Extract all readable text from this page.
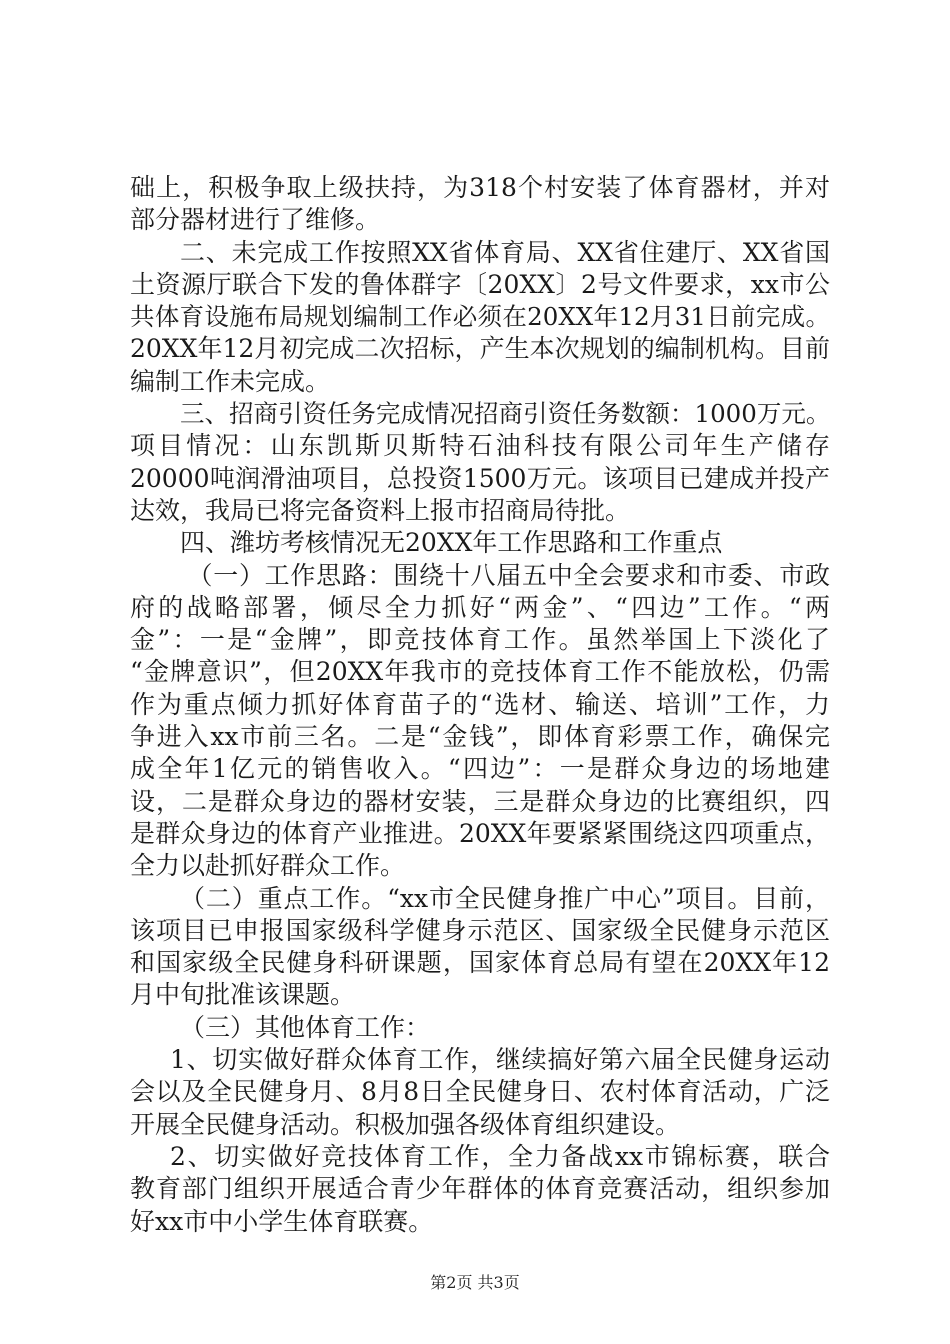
础上，积极争取上级扶持，为318个村安装了体育器材，并对
部分器材进行了维修。
二、未完成工作按照XX省体育局、XX省住建厅、XX省国
土资源厅联合下发的鲁体群字〔20XX〕2号文件要求，xx市公
共体育设施布局规划编制工作必须在20XX年12月31日前完成。
20XX年12月初完成二次招标，产生本次规划的编制机构。目前
编制工作未完成。
三、招商引资任务完成情况招商引资任务数额：1000万元。
项目情况：山东凯斯贝斯特石油科技有限公司年生产储存
20000吨润滑油项目，总投资1500万元。该项目已建成并投产
达效，我局已将完备资料上报市招商局待批。
四、潍坊考核情况无20XX年工作思路和工作重点
（一）工作思路：围绕十八届五中全会要求和市委、市政
府的战略部署，倾尽全力抓好“两金”、“四边”工作。“两
金”：一是“金牌”，即竞技体育工作。虽然举国上下淡化了
“金牌意识”，但20XX年我市的竞技体育工作不能放松，仍需
作为重点倾力抓好体育苗子的“选材、输送、培训”工作，力
争进入xx市前三名。二是“金钱”，即体育彩票工作，确保完
成全年1亿元的销售收入。“四边”：一是群众身边的场地建
设，二是群众身边的器材安装，三是群众身边的比赛组织，四
是群众身边的体育产业推进。20XX年要紧紧围绕这四项重点，
全力以赴抓好群众工作。
（二）重点工作。“xx市全民健身推广中心”项目。目前，
该项目已申报国家级科学健身示范区、国家级全民健身示范区
和国家级全民健身科研课题，国家体育总局有望在20XX年12
月中旬批准该课题。
（三）其他体育工作：
1、切实做好群众体育工作，继续搞好第六届全民健身运动
会以及全民健身月、8月8日全民健身日、农村体育活动，广泛
开展全民健身活动。积极加强各级体育组织建设。
2、切实做好竞技体育工作，全力备战xx市锦标赛，联合
教育部门组织开展适合青少年群体的体育竞赛活动，组织参加
好xx市中小学生体育联赛。
第2页 共3页
